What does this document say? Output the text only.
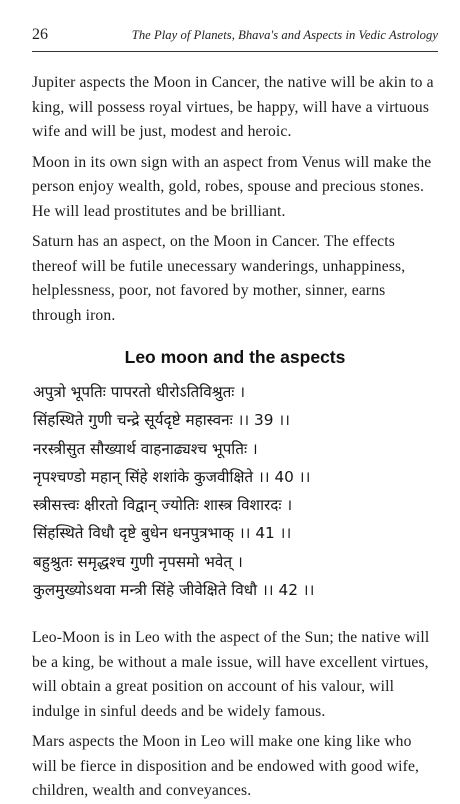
26	The Play of Planets, Bhava's and Aspects in Vedic Astrology

Jupiter aspects the Moon in Cancer, the native will be akin to a king, will possess royal virtues, be happy, will have a virtuous wife and will be just, modest and heroic.

Moon in its own sign with an aspect from Venus will make the person enjoy wealth, gold, robes, spouse and precious stones. He will lead prostitutes and be brilliant.

Saturn has an aspect, on the Moon in Cancer. The effects thereof will be futile unecessary wanderings, unhappiness, helplessness, poor, not favored by mother, sinner, earns through iron.

Leo moon and the aspects
अपुत्रो भूपतिः पापरतो धीरोऽतिविश्रुतः ।
सिंहस्थिते गुणी चन्द्रे सूर्यदृष्टे महास्वनः ।। 39 ।।
नरस्त्रीसुत सौख्यार्थ वाहनाढ्यश्च भूपतिः ।
नृपश्चण्डो महान् सिंहे शशांके कुजवीक्षिते ।। 40 ।।
स्त्रीसत्त्वः क्षीरतो विद्वान् ज्योतिः शास्त्र विशारदः ।
सिंहस्थिते विधौ दृष्टे बुधेन धनपुत्रभाक् ।। 41 ।।
बहुश्रुतः समृद्धश्च गुणी नृपसमो भवेत् ।
कुलमुख्योऽथवा मन्त्री सिंहे जीवेक्षिते विधौ ।। 42 ।।

Leo-Moon is in Leo with the aspect of the Sun; the native will be a king, be without a male issue, will have excellent virtues, will obtain a great position on account of his valour, will indulge in sinful deeds and be widely famous.

Mars aspects the Moon in Leo will make one king like who will be fierce in disposition and be endowed with good wife, children, wealth and conveyances.
